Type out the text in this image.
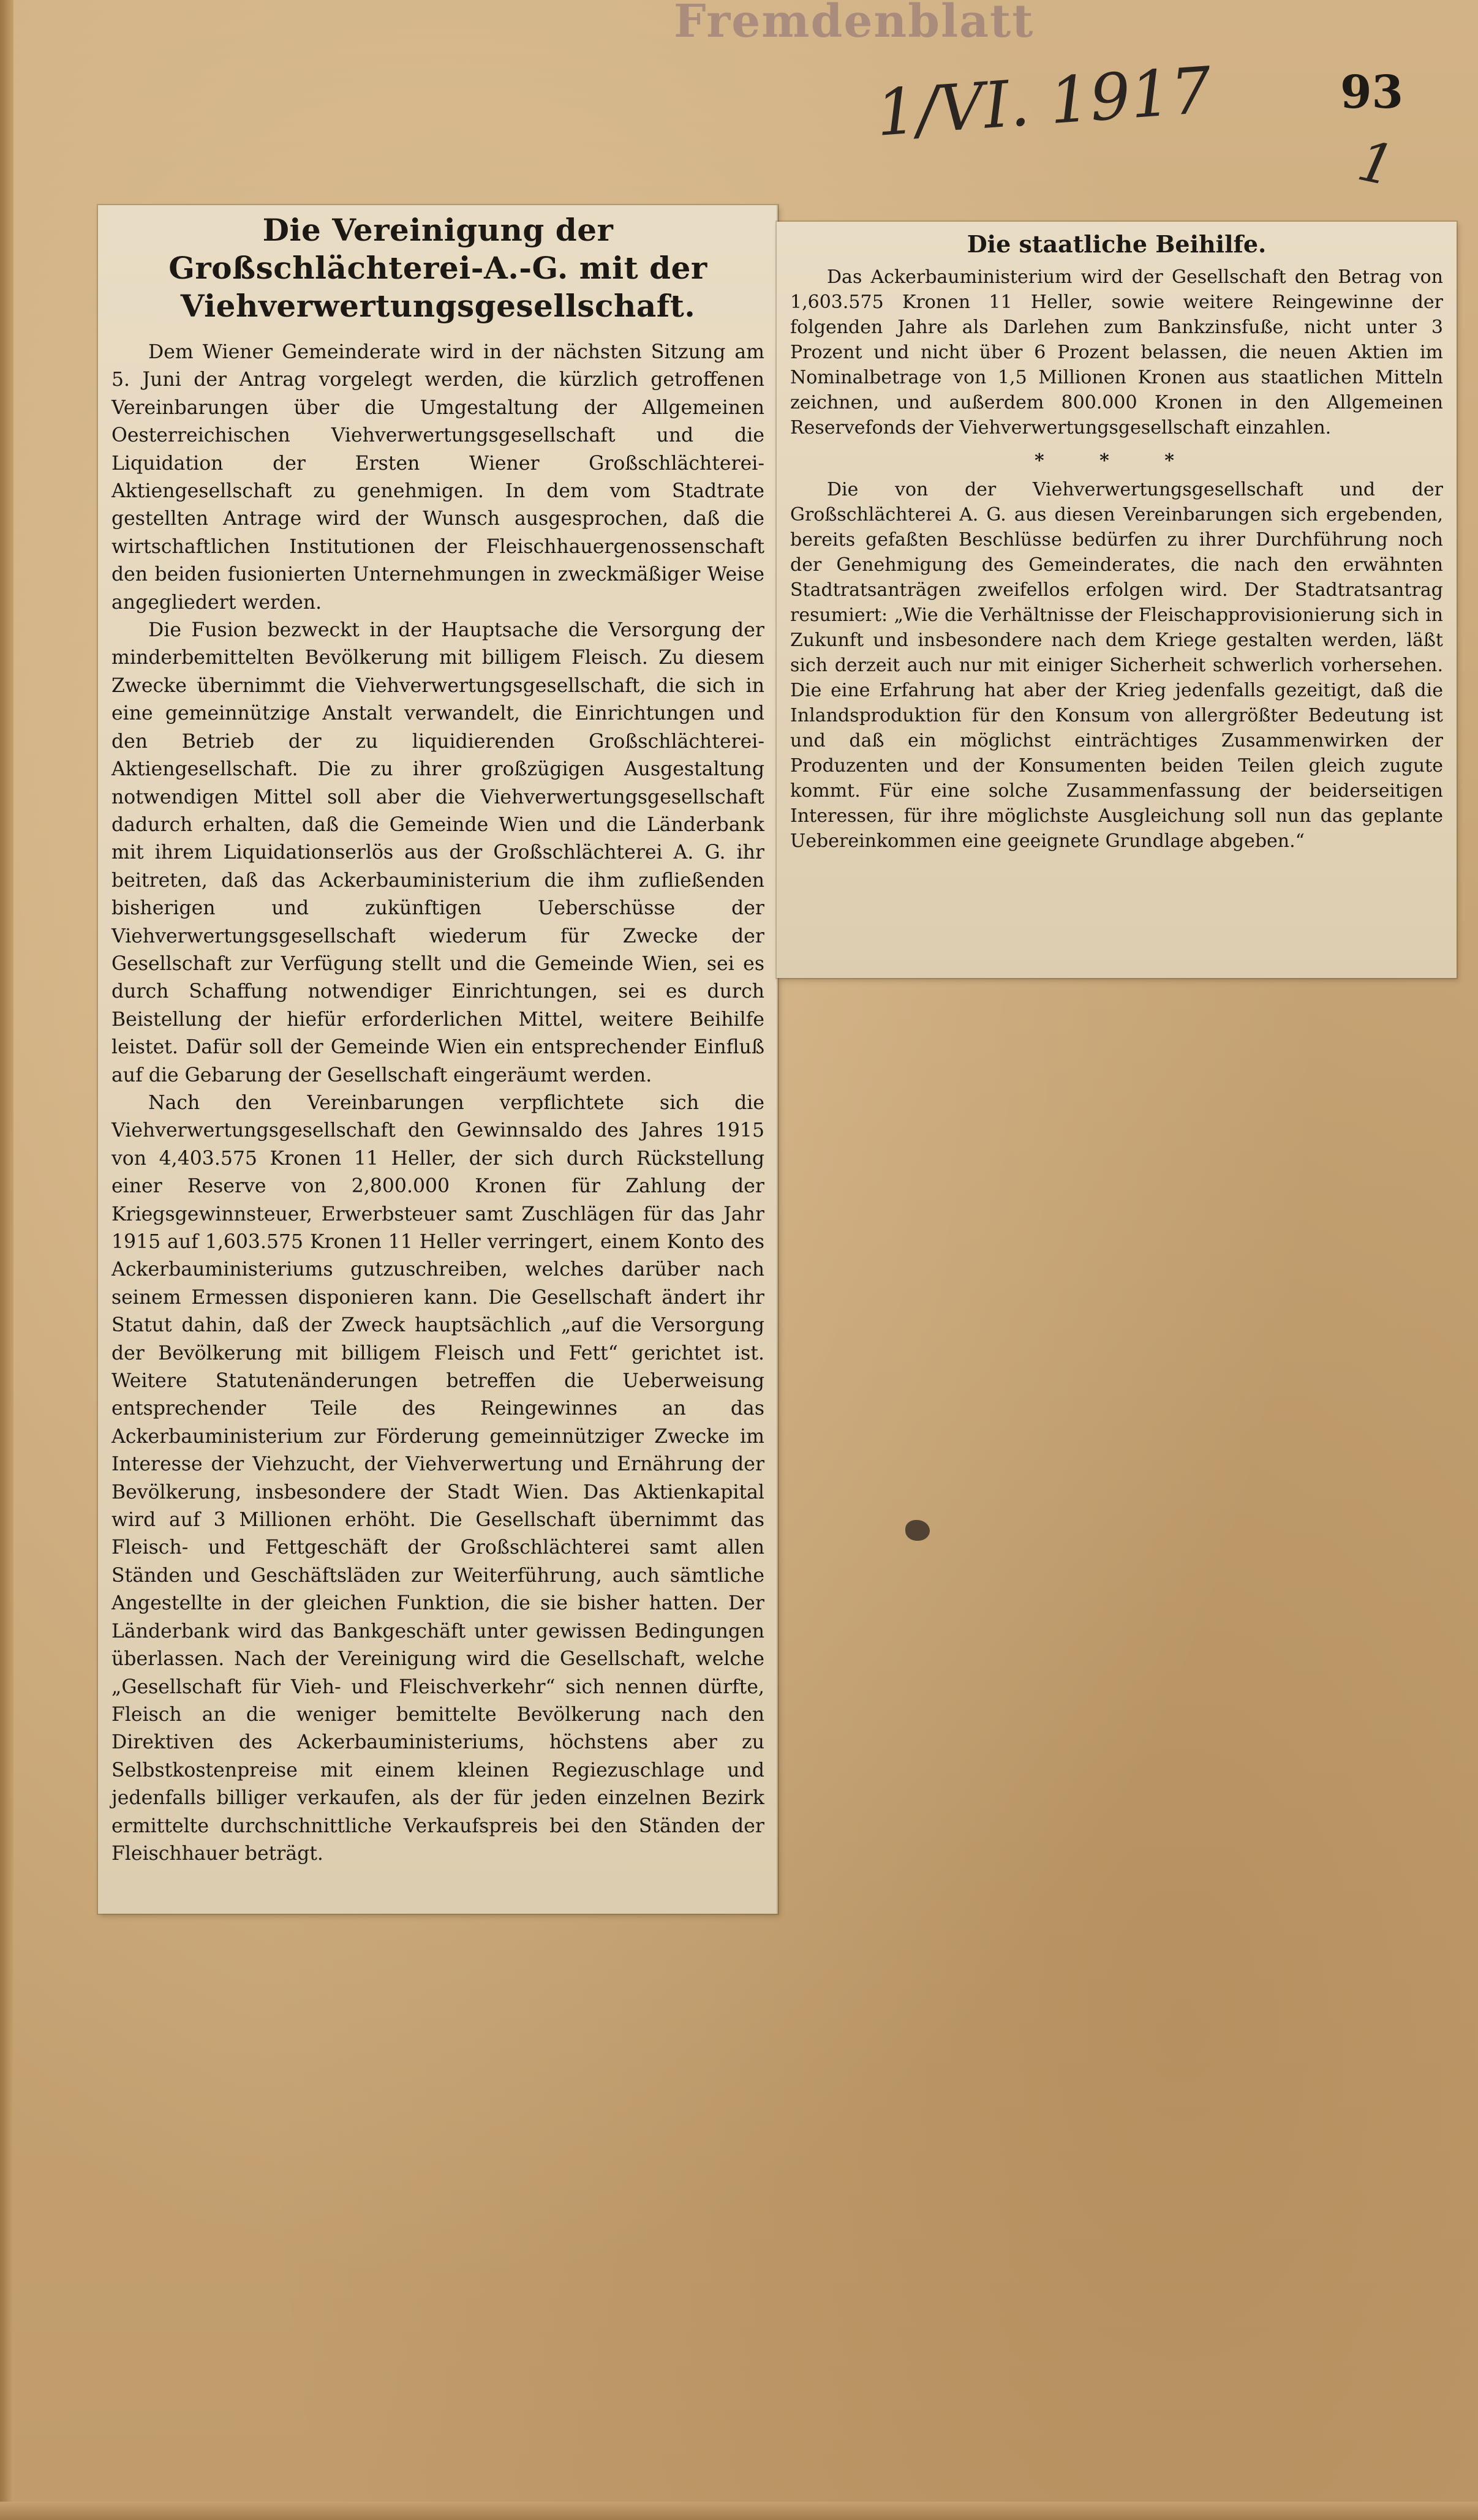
Fremdenblatt
1/VI. 1917	93
1
Die Vereinigung der Großschlächterei-A.-G. mit der Viehverwertungsgesellschaft.

Dem Wiener Gemeinderate wird in der nächsten Sitzung am 5. Juni der Antrag vorgelegt werden, die kürzlich getroffenen Vereinbarungen über die Umgestaltung der Allgemeinen Oesterreichischen Viehverwertungsgesellschaft und die Liquidation der Ersten Wiener Großschlächterei-Aktiengesellschaft zu genehmigen. In dem vom Stadtrate gestellten Antrage wird der Wunsch ausgesprochen, daß die wirtschaftlichen Institutionen der Fleischhauergenossenschaft den beiden fusionierten Unternehmungen in zweckmäßiger Weise angegliedert werden.

Die Fusion bezweckt in der Hauptsache die Versorgung der minderbemittelten Bevölkerung mit billigem Fleisch. Zu diesem Zwecke übernimmt die Viehverwertungsgesellschaft, die sich in eine gemeinnützige Anstalt verwandelt, die Einrichtungen und den Betrieb der zu liquidierenden Großschlächterei-Aktiengesellschaft. Die zu ihrer großzügigen Ausgestaltung notwendigen Mittel soll aber die Viehverwertungsgesellschaft dadurch erhalten, daß die Gemeinde Wien und die Länderbank mit ihrem Liquidationserlös aus der Großschlächterei A. G. ihr beitreten, daß das Ackerbauministerium die ihm zufließenden bisherigen und zukünftigen Ueberschüsse der Viehverwertungsgesellschaft wiederum für Zwecke der Gesellschaft zur Verfügung stellt und die Gemeinde Wien, sei es durch Schaffung notwendiger Einrichtungen, sei es durch Beistellung der hiefür erforderlichen Mittel, weitere Beihilfe leistet. Dafür soll der Gemeinde Wien ein entsprechender Einfluß auf die Gebarung der Gesellschaft eingeräumt werden.

Nach den Vereinbarungen verpflichtete sich die Viehverwertungsgesellschaft den Gewinnsaldo des Jahres 1915 von 4,403.575 Kronen 11 Heller, der sich durch Rückstellung einer Reserve von 2,800.000 Kronen für Zahlung der Kriegsgewinnsteuer, Erwerbsteuer samt Zuschlägen für das Jahr 1915 auf 1,603.575 Kronen 11 Heller verringert, einem Konto des Ackerbauministeriums gutzuschreiben, welches darüber nach seinem Ermessen disponieren kann. Die Gesellschaft ändert ihr Statut dahin, daß der Zweck hauptsächlich „auf die Versorgung der Bevölkerung mit billigem Fleisch und Fett“ gerichtet ist. Weitere Statutenänderungen betreffen die Ueberweisung entsprechender Teile des Reingewinnes an das Ackerbauministerium zur Förderung gemeinnütziger Zwecke im Interesse der Viehzucht, der Viehverwertung und Ernährung der Bevölkerung, insbesondere der Stadt Wien. Das Aktienkapital wird auf 3 Millionen erhöht. Die Gesellschaft übernimmt das Fleisch- und Fettgeschäft der Großschlächterei samt allen Ständen und Geschäftsläden zur Weiterführung, auch sämtliche Angestellte in der gleichen Funktion, die sie bisher hatten. Der Länderbank wird das Bankgeschäft unter gewissen Bedingungen überlassen. Nach der Vereinigung wird die Gesellschaft, welche „Gesellschaft für Vieh- und Fleischverkehr“ sich nennen dürfte, Fleisch an die weniger bemittelte Bevölkerung nach den Direktiven des Ackerbauministeriums, höchstens aber zu Selbstkostenpreise mit einem kleinen Regiezuschlage und jedenfalls billiger verkaufen, als der für jeden einzelnen Bezirk ermittelte durchschnittliche Verkaufspreis bei den Ständen der Fleischhauer beträgt.

Die staatliche Beihilfe.

Das Ackerbauministerium wird der Gesellschaft den Betrag von 1,603.575 Kronen 11 Heller, sowie weitere Reingewinne der folgenden Jahre als Darlehen zum Bankzinsfuße, nicht unter 3 Prozent und nicht über 6 Prozent belassen, die neuen Aktien im Nominalbetrage von 1,5 Millionen Kronen aus staatlichen Mitteln zeichnen, und außerdem 800.000 Kronen in den Allgemeinen Reservefonds der Viehverwertungsgesellschaft einzahlen.

* * *

Die von der Viehverwertungsgesellschaft und der Großschlächterei A. G. aus diesen Vereinbarungen sich ergebenden, bereits gefaßten Beschlüsse bedürfen zu ihrer Durchführung noch der Genehmigung des Gemeinderates, die nach den erwähnten Stadtratsanträgen zweifellos erfolgen wird. Der Stadtratsantrag resumiert: „Wie die Verhältnisse der Fleischapprovisionierung sich in Zukunft und insbesondere nach dem Kriege gestalten werden, läßt sich derzeit auch nur mit einiger Sicherheit schwerlich vorhersehen. Die eine Erfahrung hat aber der Krieg jedenfalls gezeitigt, daß die Inlandsproduktion für den Konsum von allergrößter Bedeutung ist und daß ein möglichst einträchtiges Zusammenwirken der Produzenten und der Konsumenten beiden Teilen gleich zugute kommt. Für eine solche Zusammenfassung der beiderseitigen Interessen, für ihre möglichste Ausgleichung soll nun das geplante Uebereinkommen eine geeignete Grundlage abgeben.“
